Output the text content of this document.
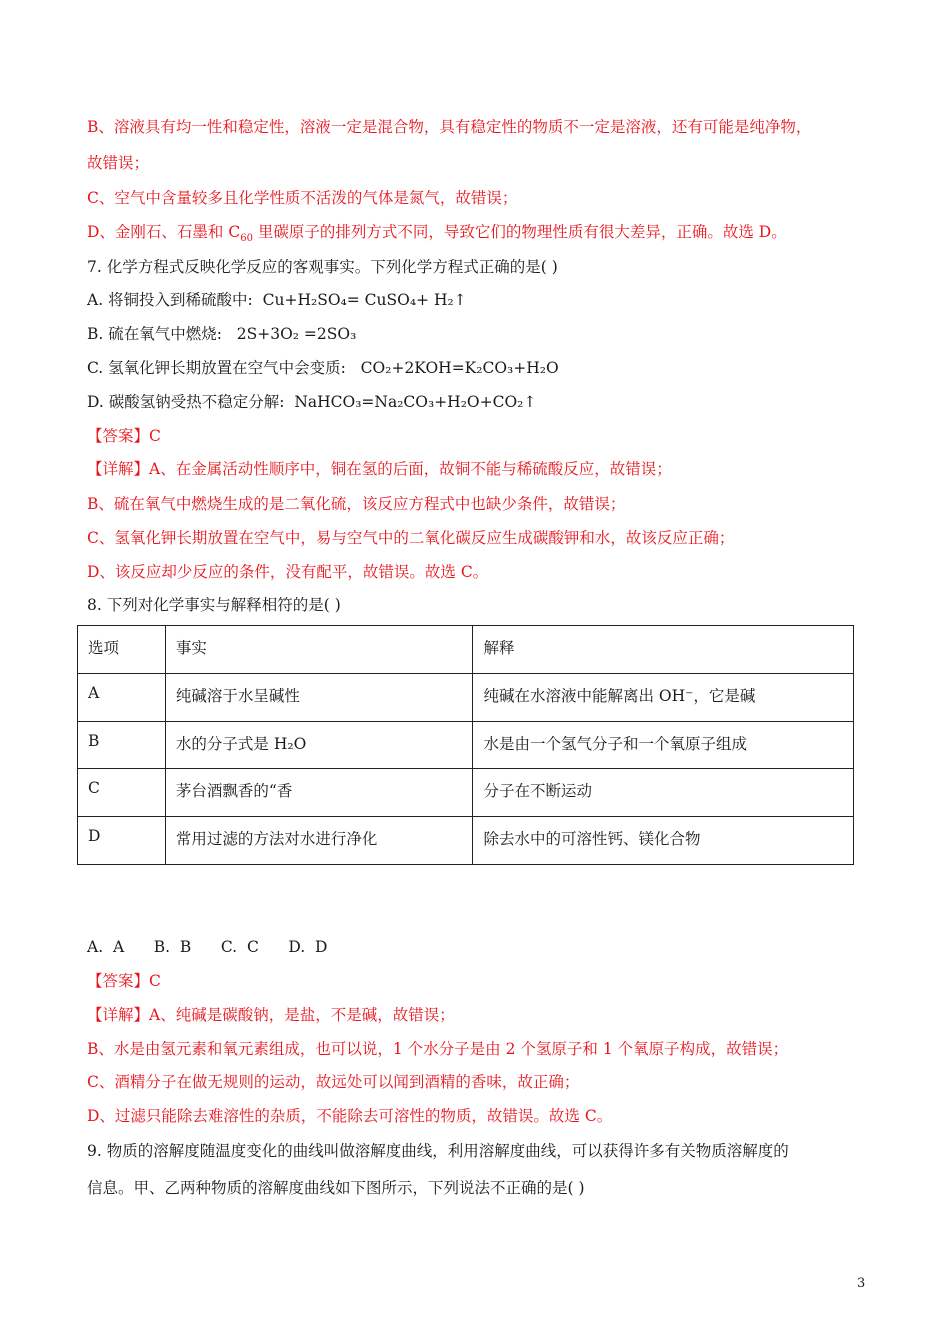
B、溶液具有均一性和稳定性，溶液一定是混合物，具有稳定性的物质不一定是溶液，还有可能是纯净物，
故错误；
C、空气中含量较多且化学性质不活泼的气体是氮气，故错误；
D、金刚石、石墨和 $C_{60}$ 里碳原子的排列方式不同，导致它们的物理性质有很大差异，正确。故选 D。
7. 化学方程式反映化学反应的客观事实。下列化学方程式正确的是( )
A. 将铜投入到稀硫酸中: Cu+H₂SO₄= CuSO₄+ H₂↑
B. 硫在氧气中燃烧: 2S+3O₂ =2SO₃
C. 氢氧化钾长期放置在空气中会变质: CO₂+2KOH=K₂CO₃+H₂O
D. 碳酸氢钠受热不稳定分解: NaHCO₃=Na₂CO₃+H₂O+CO₂↑
【答案】C
【详解】A、在金属活动性顺序中，铜在氢的后面，故铜不能与稀硫酸反应，故错误；
B、硫在氧气中燃烧生成的是二氧化硫，该反应方程式中也缺少条件，故错误；
C、氢氧化钾长期放置在空气中，易与空气中的二氧化碳反应生成碳酸钾和水，故该反应正确；
D、该反应却少反应的条件，没有配平，故错误。故选 C。
8. 下列对化学事实与解释相符的是( )
选项	事实	解释
A	纯碱溶于水呈碱性	纯碱在水溶液中能解离出 OH⁻，它是碱
B	水的分子式是 H₂O	水是由一个氢气分子和一个氧原子组成
C	茅台酒飘香的“香	分子在不断运动
D	常用过滤的方法对水进行净化	除去水中的可溶性钙、镁化合物
A.  A      B.  B      C.  C      D.  D
【答案】C
【详解】A、纯碱是碳酸钠，是盐，不是碱，故错误；
B、水是由氢元素和氧元素组成，也可以说，1 个水分子是由 2 个氢原子和 1 个氧原子构成，故错误；
C、酒精分子在做无规则的运动，故远处可以闻到酒精的香味，故正确；
D、过滤只能除去难溶性的杂质，不能除去可溶性的物质，故错误。故选 C。
9. 物质的溶解度随温度变化的曲线叫做溶解度曲线，利用溶解度曲线，可以获得许多有关物质溶解度的
信息。甲、乙两种物质的溶解度曲线如下图所示，下列说法不正确的是( )
3
